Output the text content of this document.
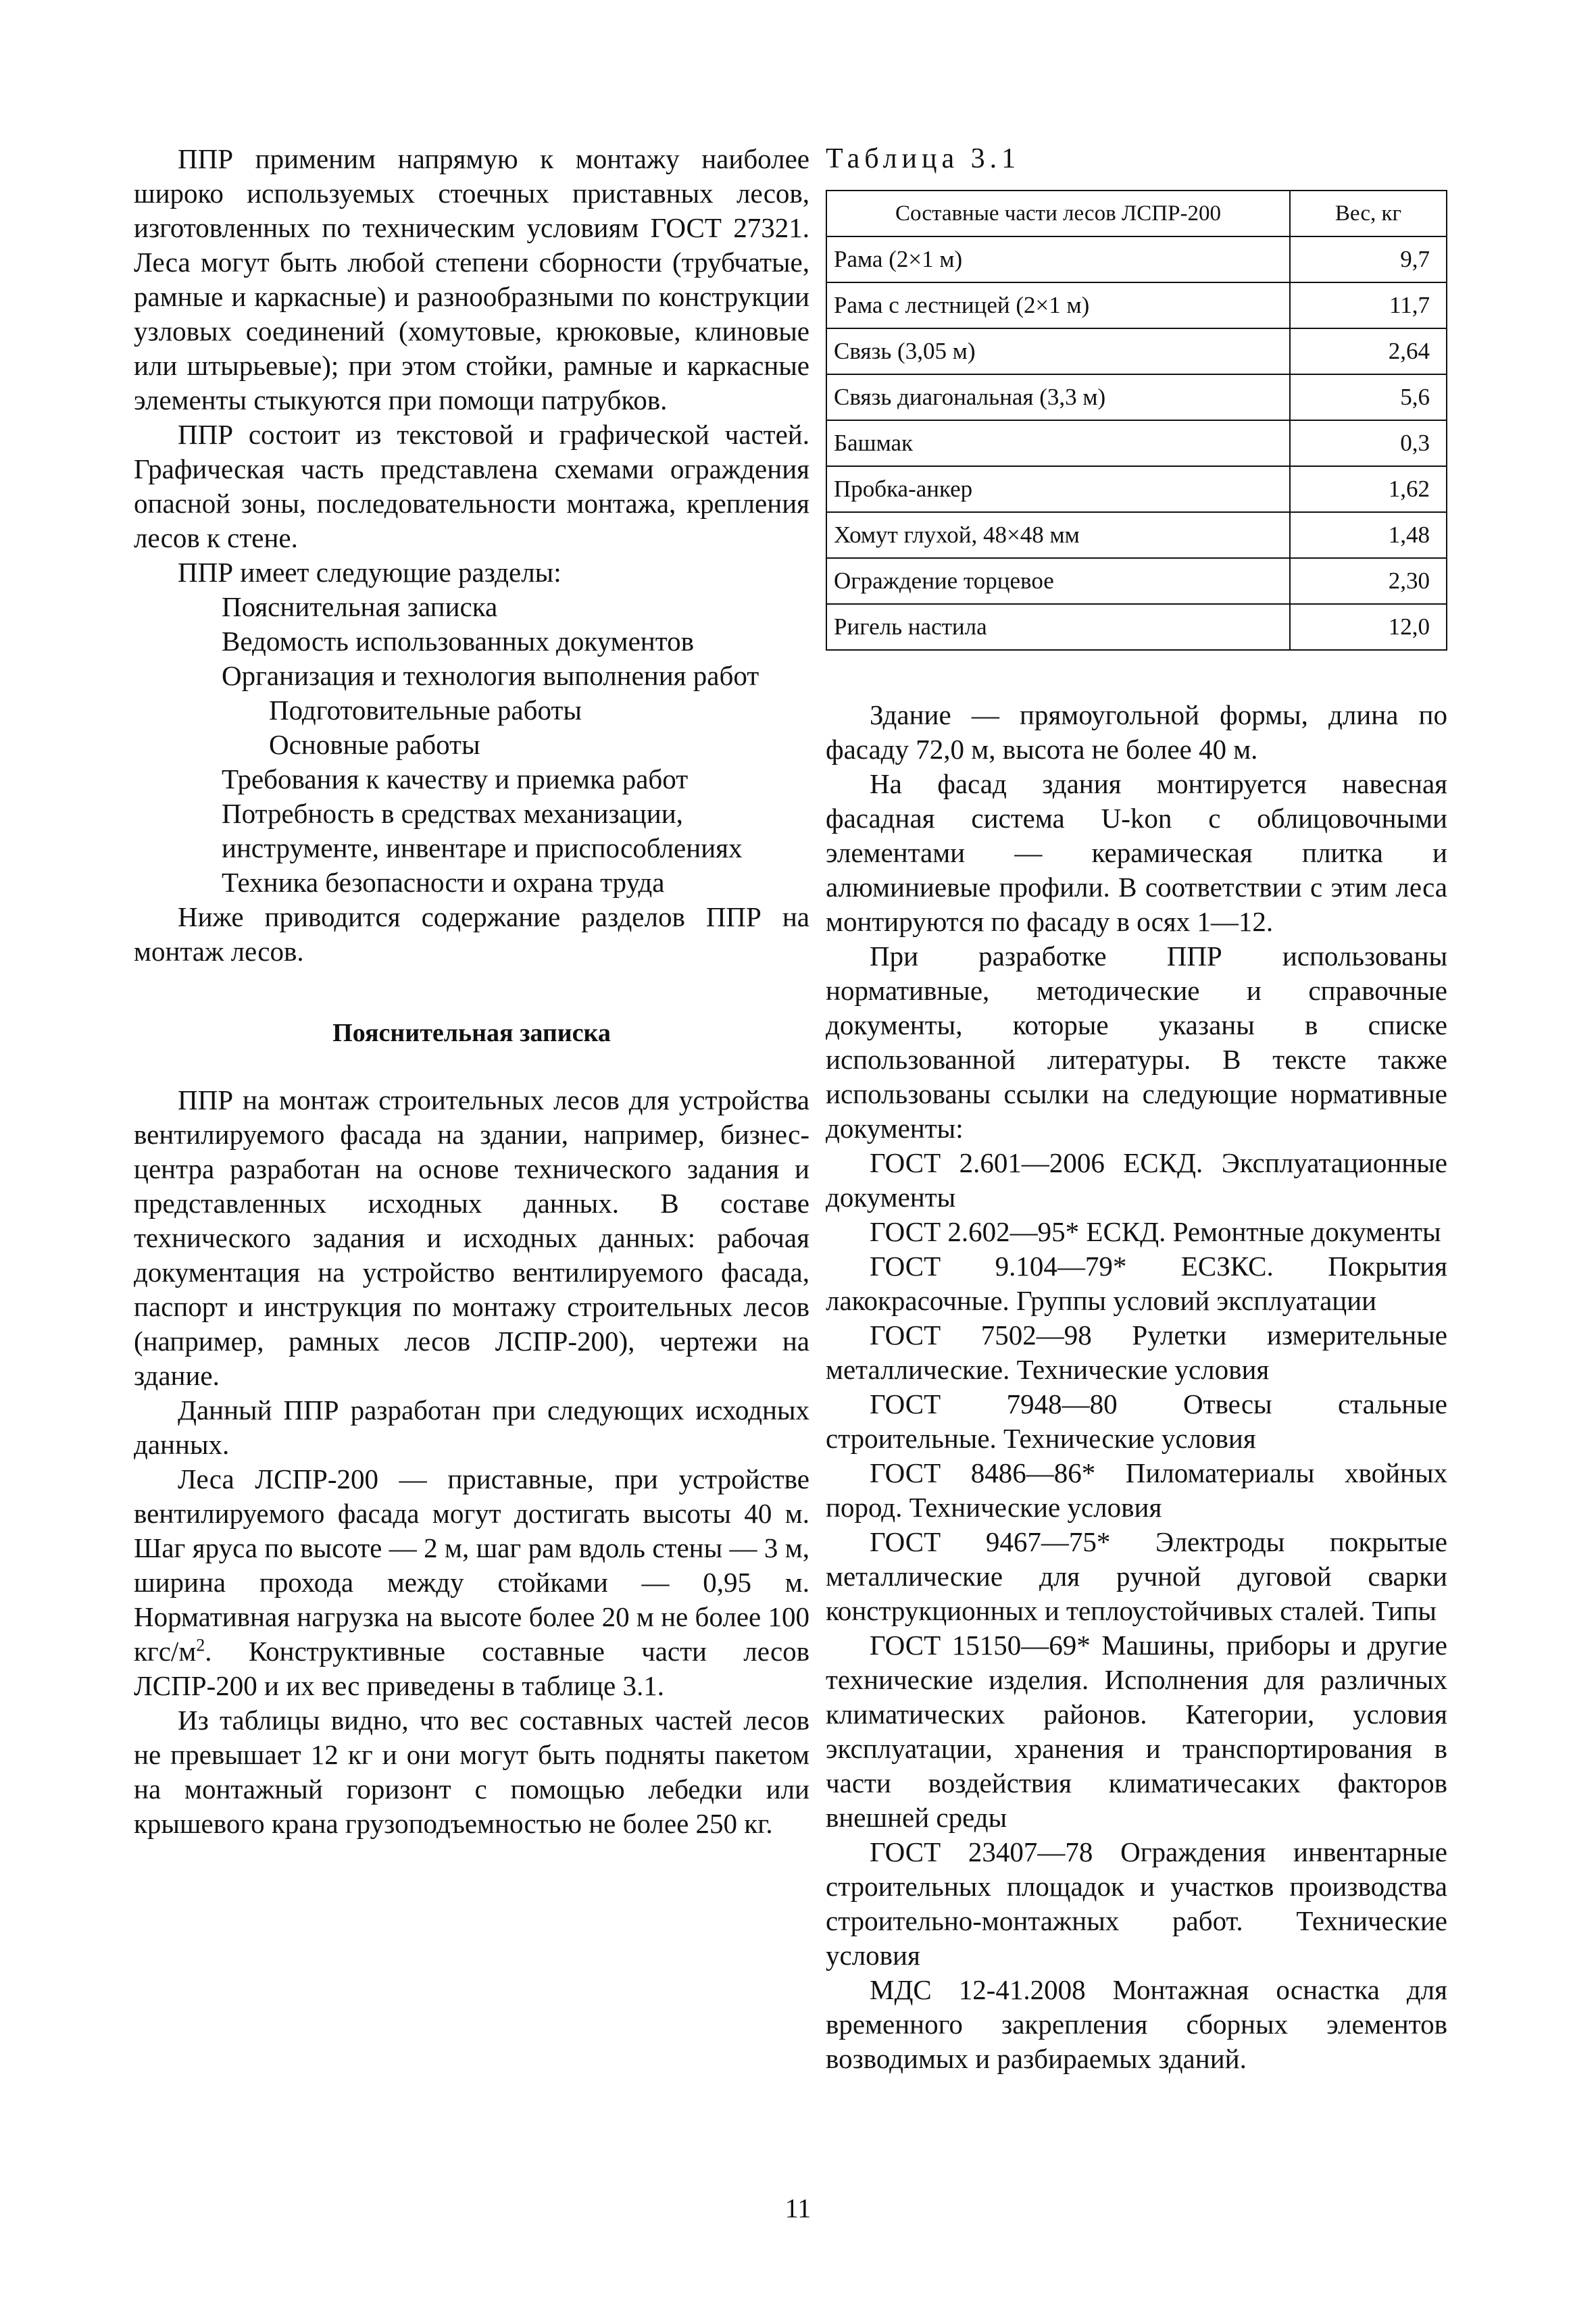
ППР применим напрямую к монтажу наиболее широко используемых стоечных приставных лесов, изготовленных по техническим условиям ГОСТ 27321. Леса могут быть любой степени сборности (трубчатые, рамные и каркасные) и разнообразными по конструкции узловых соединений (хомутовые, крюковые, клиновые или штырьевые); при этом стойки, рамные и каркасные элементы стыкуются при помощи патрубков.

ППР состоит из текстовой и графической частей. Графическая часть представлена схемами ограждения опасной зоны, последовательности монтажа, крепления лесов к стене.

ППР имеет следующие разделы:

Пояснительная записка
Ведомость использованных документов
Организация и технология выполнения работ
Подготовительные работы
Основные работы
Требования к качеству и приемка работ
Потребность в средствах механизации, инструменте, инвентаре и приспособлениях
Техника безопасности и охрана труда

Ниже приводится содержание разделов ППР на монтаж лесов.

Пояснительная записка

ППР на монтаж строительных лесов для устройства вентилируемого фасада на здании, например, бизнес-центра разработан на основе технического задания и представленных исходных данных. В составе технического задания и исходных данных: рабочая документация на устройство вентилируемого фасада, паспорт и инструкция по монтажу строительных лесов (например, рамных лесов ЛСПР-200), чертежи на здание.

Данный ППР разработан при следующих исходных данных.

Леса ЛСПР-200 — приставные, при устройстве вентилируемого фасада могут достигать высоты 40 м. Шаг яруса по высоте — 2 м, шаг рам вдоль стены — 3 м, ширина прохода между стойками — 0,95 м. Нормативная нагрузка на высоте более 20 м не более 100 кгс/$м^2$. Конструктивные составные части лесов ЛСПР-200 и их вес приведены в таблице 3.1.

Из таблицы видно, что вес составных частей лесов не превышает 12 кг и они могут быть подняты пакетом на монтажный горизонт с помощью лебедки или крышевого крана грузоподъемностью не более 250 кг.

Таблица 3.1

Составные части лесов ЛСПР-200	Вес, кг
Рама (2×1 м)	9,7
Рама с лестницей (2×1 м)	11,7
Связь (3,05 м)	2,64
Связь диагональная (3,3 м)	5,6
Башмак	0,3
Пробка-анкер	1,62
Хомут глухой, 48×48 мм	1,48
Ограждение торцевое	2,30
Ригель настила	12,0

Здание — прямоугольной формы, длина по фасаду 72,0 м, высота не более 40 м.

На фасад здания монтируется навесная фасадная система U-kon с облицовочными элементами — керамическая плитка и алюминиевые профили. В соответствии с этим леса монтируются по фасаду в осях 1—12.

При разработке ППР использованы нормативные, методические и справочные документы, которые указаны в списке использованной литературы. В тексте также использованы ссылки на следующие нормативные документы:

ГОСТ 2.601—2006 ЕСКД. Эксплуатационные документы

ГОСТ 2.602—95* ЕСКД. Ремонтные документы

ГОСТ 9.104—79* ЕСЗКС. Покрытия лакокрасочные. Группы условий эксплуатации

ГОСТ 7502—98 Рулетки измерительные металлические. Технические условия

ГОСТ 7948—80 Отвесы стальные строительные. Технические условия

ГОСТ 8486—86* Пиломатериалы хвойных пород. Технические условия

ГОСТ 9467—75* Электроды покрытые металлические для ручной дуговой сварки конструкционных и теплоустойчивых сталей. Типы

ГОСТ 15150—69* Машины, приборы и другие технические изделия. Исполнения для различных климатических районов. Категории, условия эксплуатации, хранения и транспортирования в части воздействия климатичесаких факторов внешней среды

ГОСТ 23407—78 Ограждения инвентарные строительных площадок и участков производства строительно-монтажных работ. Технические условия

МДС 12-41.2008 Монтажная оснастка для временного закрепления сборных элементов возводимых и разбираемых зданий.

11
